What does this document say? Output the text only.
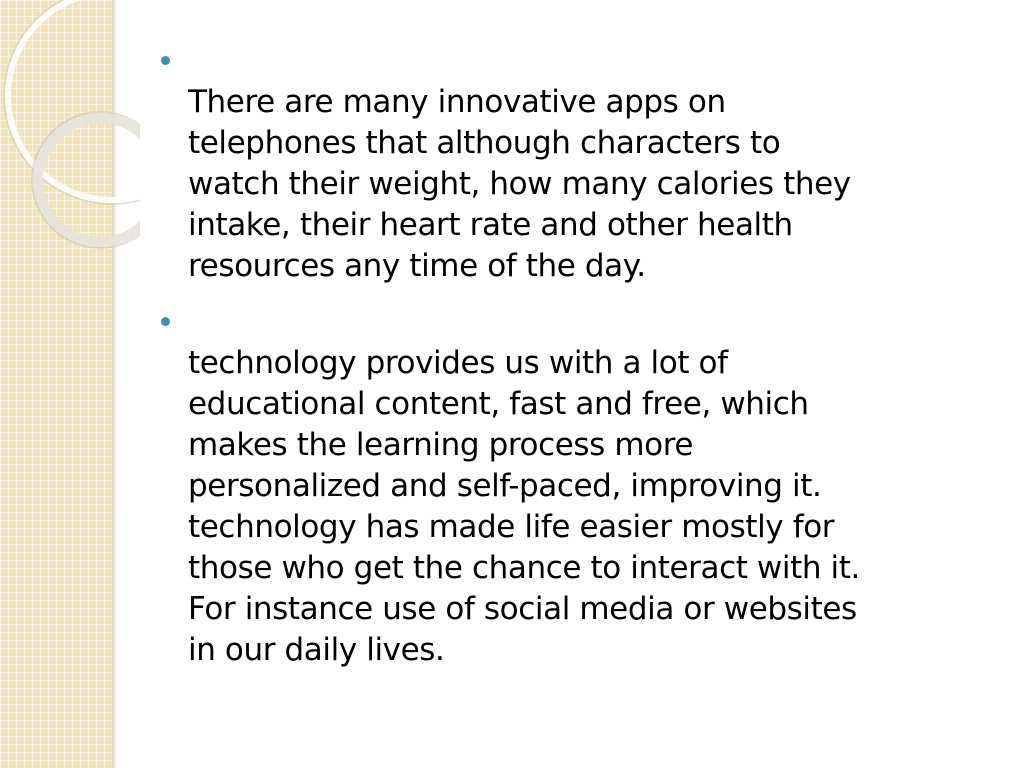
There are many innovative apps on
telephones that although characters to
watch their weight, how many calories they
intake, their heart rate and other health
resources any time of the day.
technology provides us with a lot of
educational content, fast and free, which
makes the learning process more
personalized and self-paced, improving it.
technology has made life easier mostly for
those who get the chance to interact with it.
For instance use of social media or websites
in our daily lives.
